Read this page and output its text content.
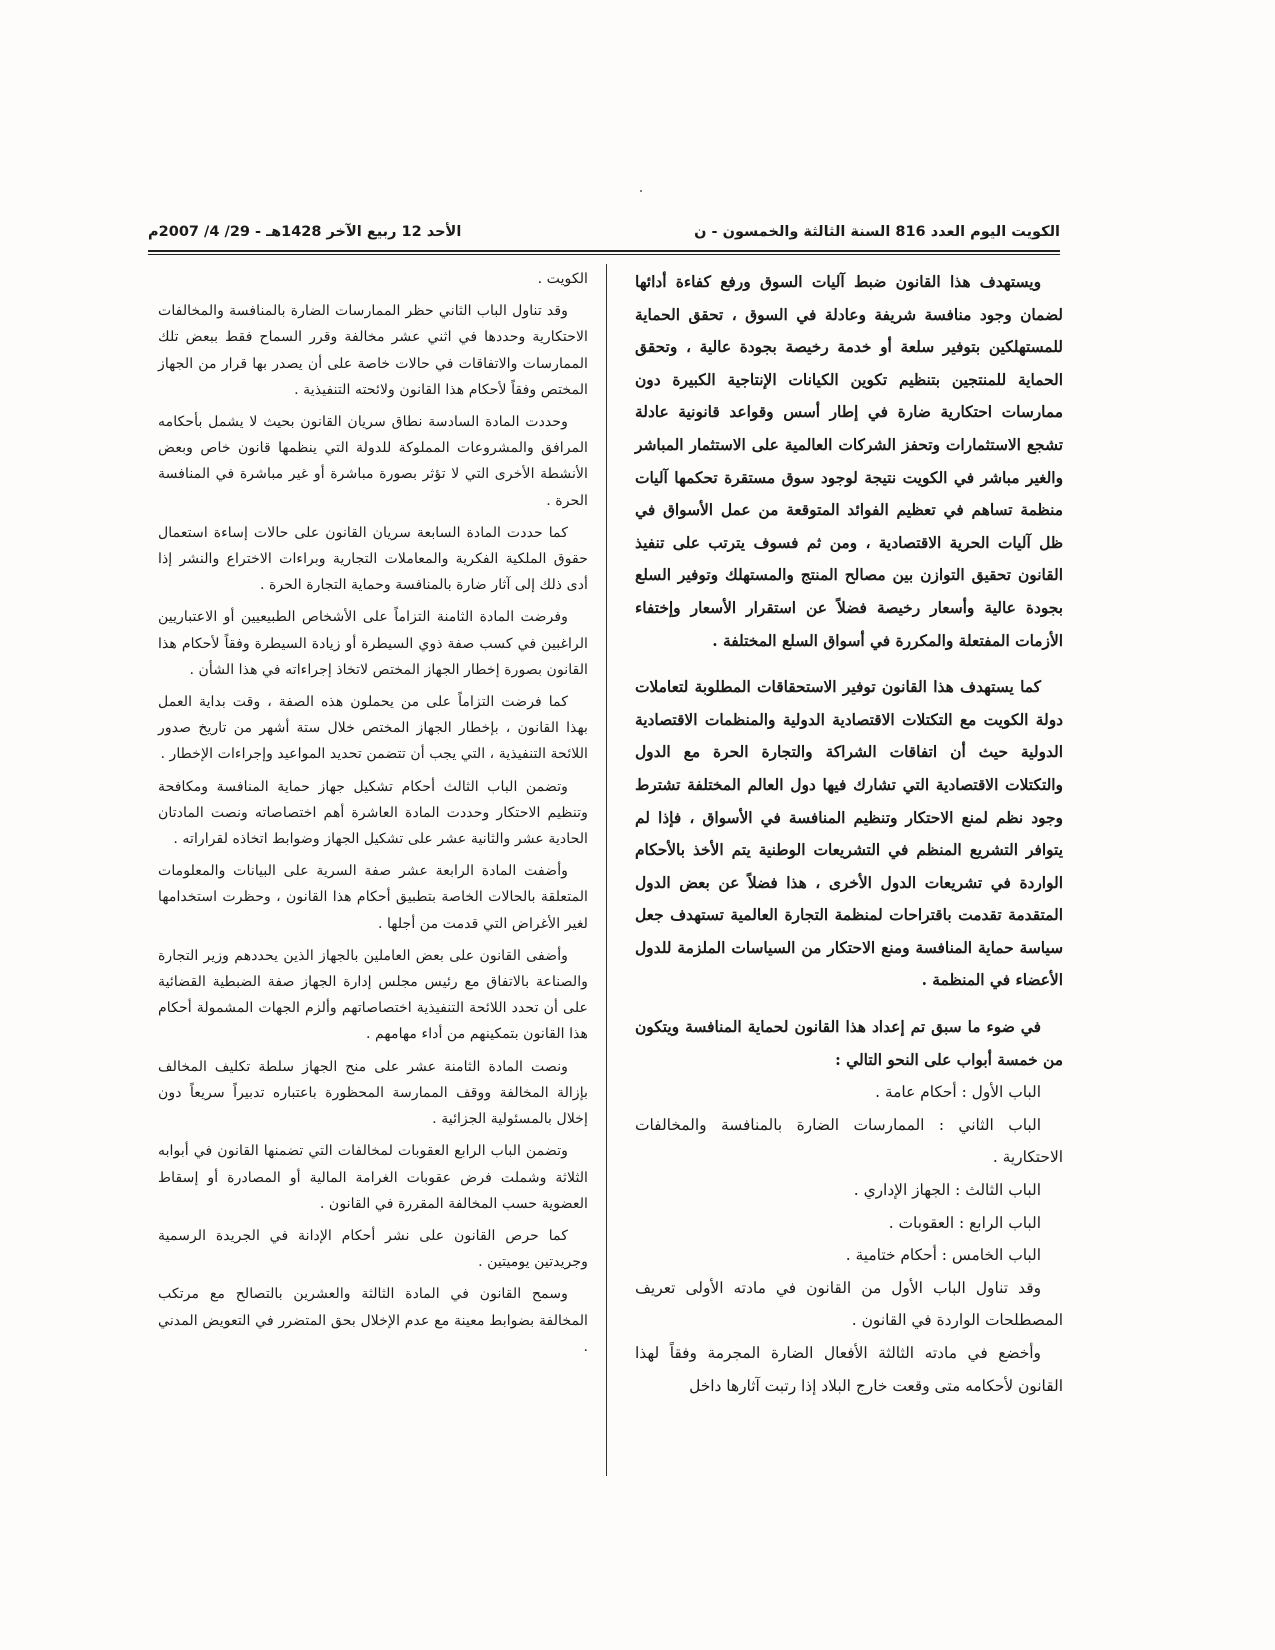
الكويت اليوم العدد 816 السنة الثالثة والخمسون - ن
الأحد 12 ربيع الآخر 1428هـ - 29/ 4/ 2007م

ويستهدف هذا القانون ضبط آليات السوق ورفع كفاءة أدائها لضمان وجود منافسة شريفة وعادلة في السوق ، تحقق الحماية للمستهلكين بتوفير سلعة أو خدمة رخيصة بجودة عالية ، وتحقق الحماية للمنتجين بتنظيم تكوين الكيانات الإنتاجية الكبيرة دون ممارسات احتكارية ضارة في إطار أسس وقواعد قانونية عادلة تشجع الاستثمارات وتحفز الشركات العالمية على الاستثمار المباشر والغير مباشر في الكويت نتيجة لوجود سوق مستقرة تحكمها آليات منظمة تساهم في تعظيم الفوائد المتوقعة من عمل الأسواق في ظل آليات الحرية الاقتصادية ، ومن ثم فسوف يترتب على تنفيذ القانون تحقيق التوازن بين مصالح المنتج والمستهلك وتوفير السلع بجودة عالية وأسعار رخيصة فضلاً عن استقرار الأسعار وإختفاء الأزمات المفتعلة والمكررة في أسواق السلع المختلفة .

كما يستهدف هذا القانون توفير الاستحقاقات المطلوبة لتعاملات دولة الكويت مع التكتلات الاقتصادية الدولية والمنظمات الاقتصادية الدولية حيث أن اتفاقات الشراكة والتجارة الحرة مع الدول والتكتلات الاقتصادية التي تشارك فيها دول العالم المختلفة تشترط وجود نظم لمنع الاحتكار وتنظيم المنافسة في الأسواق ، فإذا لم يتوافر التشريع المنظم في التشريعات الوطنية يتم الأخذ بالأحكام الواردة في تشريعات الدول الأخرى ، هذا فضلاً عن بعض الدول المتقدمة تقدمت باقتراحات لمنظمة التجارة العالمية تستهدف جعل سياسة حماية المنافسة ومنع الاحتكار من السياسات الملزمة للدول الأعضاء في المنظمة .

في ضوء ما سبق تم إعداد هذا القانون لحماية المنافسة ويتكون من خمسة أبواب على النحو التالي :

الباب الأول : أحكام عامة .

الباب الثاني : الممارسات الضارة بالمنافسة والمخالفات الاحتكارية .

الباب الثالث : الجهاز الإداري .

الباب الرابع : العقوبات .

الباب الخامس : أحكام ختامية .

وقد تناول الباب الأول من القانون في مادته الأولى تعريف المصطلحات الواردة في القانون .

وأخضع في مادته الثالثة الأفعال الضارة المجرمة وفقاً لهذا القانون لأحكامه متى وقعت خارج البلاد إذا رتبت آثارها داخل

الكويت .

وقد تناول الباب الثاني حظر الممارسات الضارة بالمنافسة والمخالفات الاحتكارية وحددها في اثني عشر مخالفة وقرر السماح فقط ببعض تلك الممارسات والاتفاقات في حالات خاصة على أن يصدر بها قرار من الجهاز المختص وفقاً لأحكام هذا القانون ولائحته التنفيذية .

وحددت المادة السادسة نطاق سريان القانون بحيث لا يشمل بأحكامه المرافق والمشروعات المملوكة للدولة التي ينظمها قانون خاص وبعض الأنشطة الأخرى التي لا تؤثر بصورة مباشرة أو غير مباشرة في المنافسة الحرة .

كما حددت المادة السابعة سريان القانون على حالات إساءة استعمال حقوق الملكية الفكرية والمعاملات التجارية وبراءات الاختراع والنشر إذا أدى ذلك إلى آثار ضارة بالمنافسة وحماية التجارة الحرة .

وفرضت المادة الثامنة التزاماً على الأشخاص الطبيعيين أو الاعتباريين الراغبين في كسب صفة ذوي السيطرة أو زيادة السيطرة وفقاً لأحكام هذا القانون بصورة إخطار الجهاز المختص لاتخاذ إجراءاته في هذا الشأن .

كما فرضت التزاماً على من يحملون هذه الصفة ، وقت بداية العمل بهذا القانون ، بإخطار الجهاز المختص خلال ستة أشهر من تاريخ صدور اللائحة التنفيذية ، التي يجب أن تتضمن تحديد المواعيد وإجراءات الإخطار .

وتضمن الباب الثالث أحكام تشكيل جهاز حماية المنافسة ومكافحة وتنظيم الاحتكار وحددت المادة العاشرة أهم اختصاصاته ونصت المادتان الحادية عشر والثانية عشر على تشكيل الجهاز وضوابط اتخاذه لقراراته .

وأضفت المادة الرابعة عشر صفة السرية على البيانات والمعلومات المتعلقة بالحالات الخاصة بتطبيق أحكام هذا القانون ، وحظرت استخدامها لغير الأغراض التي قدمت من أجلها .

وأضفى القانون على بعض العاملين بالجهاز الذين يحددهم وزير التجارة والصناعة بالاتفاق مع رئيس مجلس إدارة الجهاز صفة الضبطية القضائية على أن تحدد اللائحة التنفيذية اختصاصاتهم وألزم الجهات المشمولة أحكام هذا القانون بتمكينهم من أداء مهامهم .

ونصت المادة الثامنة عشر على منح الجهاز سلطة تكليف المخالف بإزالة المخالفة ووقف الممارسة المحظورة باعتباره تدبيراً سريعاً دون إخلال بالمسئولية الجزائية .

وتضمن الباب الرابع العقوبات لمخالفات التي تضمنها القانون في أبوابه الثلاثة وشملت فرض عقوبات الغرامة المالية أو المصادرة أو إسقاط العضوية حسب المخالفة المقررة في القانون .

كما حرص القانون على نشر أحكام الإدانة في الجريدة الرسمية وجريدتين يوميتين .

وسمح القانون في المادة الثالثة والعشرين بالتصالح مع مرتكب المخالفة بضوابط معينة مع عدم الإخلال بحق المتضرر في التعويض المدني .
